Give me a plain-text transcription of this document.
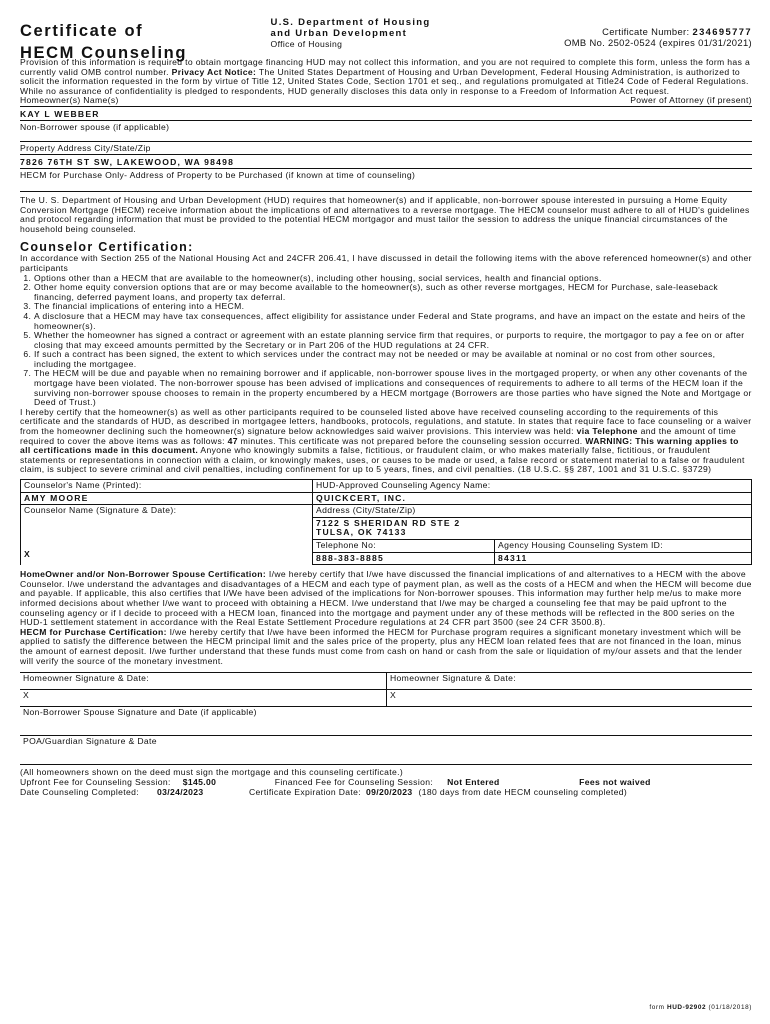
Certificate of
HECM Counseling
U.S. Department of Housing
and Urban Development
Office of Housing
Certificate Number: 234695777
OMB No. 2502-0524 (expires 01/31/2021)

Provision of this information is required to obtain mortgage financing HUD may not collect this information, and you are not required to complete this form, unless the form has a currently valid OMB control number. Privacy Act Notice: The United States Department of Housing and Urban Development, Federal Housing Administration, is authorized to solicit the information requested in the form by virtue of Title 12, United States Code, Section 1701 et seq., and regulations promulgated at Title24 Code of Federal Regulations. While no assurance of confidentiality is pledged to respondents, HUD generally discloses this data only in response to a Freedom of Information Act request.

Homeowner(s) Name(s)	Power of Attorney (if present)
KAY L WEBBER
Non-Borrower spouse (if applicable)
Property Address City/State/Zip
7826 76TH ST SW, LAKEWOOD, WA 98498
HECM for Purchase Only- Address of Property to be Purchased (if known at time of counseling)

The U. S. Department of Housing and Urban Development (HUD) requires that homeowner(s) and if applicable, non-borrower spouse interested in pursuing a Home Equity Conversion Mortgage (HECM) receive information about the implications of and alternatives to a reverse mortgage. The HECM counselor must adhere to all of HUD's guidelines and protocol regarding information that must be provided to the potential HECM mortgagor and must tailor the session to address the unique financial circumstances of the household being counseled.

Counselor Certification:

In accordance with Section 255 of the National Housing Act and 24CFR 206.41, I have discussed in detail the following items with the above referenced homeowner(s) and other participants

1. Options other than a HECM that are available to the homeowner(s), including other housing, social services, health and financial options.
2. Other home equity conversion options that are or may become available to the homeowner(s), such as other reverse mortgages, HECM for Purchase, sale-leaseback financing, deferred payment loans, and property tax deferral.
3. The financial implications of entering into a HECM.
4. A disclosure that a HECM may have tax consequences, affect eligibility for assistance under Federal and State programs, and have an impact on the estate and heirs of the homeowner(s).
5. Whether the homeowner has signed a contract or agreement with an estate planning service firm that requires, or purports to require, the mortgagor to pay a fee on or after closing that may exceed amounts permitted by the Secretary or in Part 206 of the HUD regulations at 24 CFR.
6. If such a contract has been signed, the extent to which services under the contract may not be needed or may be available at nominal or no cost from other sources, including the mortgagee.
7. The HECM will be due and payable when no remaining borrower and if applicable, non-borrower spouse lives in the mortgaged property, or when any other covenants of the mortgage have been violated. The non-borrower spouse has been advised of implications and consequences of requirements to adhere to all terms of the HECM loan if the surviving non-borrower spouse chooses to remain in the property encumbered by a HECM mortgage (Borrowers are those parties who have signed the Note and Mortgage or Deed of Trust.)

I hereby certify that the homeowner(s) as well as other participants required to be counseled listed above have received counseling according to the requirements of this certificate and the standards of HUD, as described in mortgagee letters, handbooks, protocols, regulations, and statute. In states that require face to face counseling or a waiver from the homeowner declining such the homeowner(s) signature below acknowledges said waiver provisions. This interview was held: via Telephone and the amount of time required to cover the above items was as follows: 47 minutes. This certificate was not prepared before the counseling session occurred. WARNING: This warning applies to all certifications made in this document. Anyone who knowingly submits a false, fictitious, or fraudulent claim, or who makes materially false, fictitious, or fraudulent statements or representations in connection with a claim, or knowingly makes, uses, or causes to be made or used, a false record or statement material to a false or fraudulent claim, is subject to severe criminal and civil penalties, including confinement for up to 5 years, fines, and civil penalties. (18 U.S.C. §§ 287, 1001 and 31 U.S.C. §3729)

Counselor's Name (Printed):	HUD-Approved Counseling Agency Name:	

AMY MOORE	QUICKCERT, INC.	

Counselor Name (Signature & Date):
X	Address (City/State/Zip)	

	7122 S SHERIDAN RD STE 2
TULSA, OK 74133	

	Telephone No:	Agency Housing Counseling System ID:
	888-383-8885	84311

HomeOwner and/or Non-Borrower Spouse Certification: I/we hereby certify that I/we have discussed the financial implications of and alternatives to a HECM with the above Counselor. I/we understand the advantages and disadvantages of a HECM and each type of payment plan, as well as the costs of a HECM and when the HECM will become due and payable. If applicable, this also certifies that I/We have been advised of the implications for Non-borrower spouses. This information may further help me/us to make more informed decisions about whether I/we want to proceed with obtaining a HECM. I/we understand that I/we may be charged a counseling fee that may be paid upfront to the counseling agency or if I decide to proceed with a HECM loan, financed into the mortgage and payment under any of these methods will be reflected in the 800 series on the HUD-1 settlement statement in accordance with the Real Estate Settlement Procedure regulations at 24 CFR part 3500 (see 24 CFR 3500.8).

HECM for Purchase Certification: I/we hereby certify that I/we have been informed the HECM for Purchase program requires a significant monetary investment which will be applied to satisfy the difference between the HECM principal limit and the sales price of the property, plus any HECM loan related fees that are not financed in the loan, minus the amount of earnest deposit. I/we further understand that these funds must come from cash on hand or cash from the sale or liquidation of my/our assets and that the lender will verify the source of the monetary investment.

Homeowner Signature & Date:	Homeowner Signature & Date:
X	X
Non-Borrower Spouse Signature and Date (if applicable)	
POA/Guardian Signature & Date	
(All homeowners shown on the deed must sign the mortgage and this counseling certificate.)
Upfront Fee for Counseling Session: $145.00	Financed Fee for Counseling Session: Not Entered	Fees not waived
Date Counseling Completed: 03/24/2023	Certificate Expiration Date: 09/20/2023 (180 days from date HECM counseling completed)
form HUD-92902 (01/18/2018)
